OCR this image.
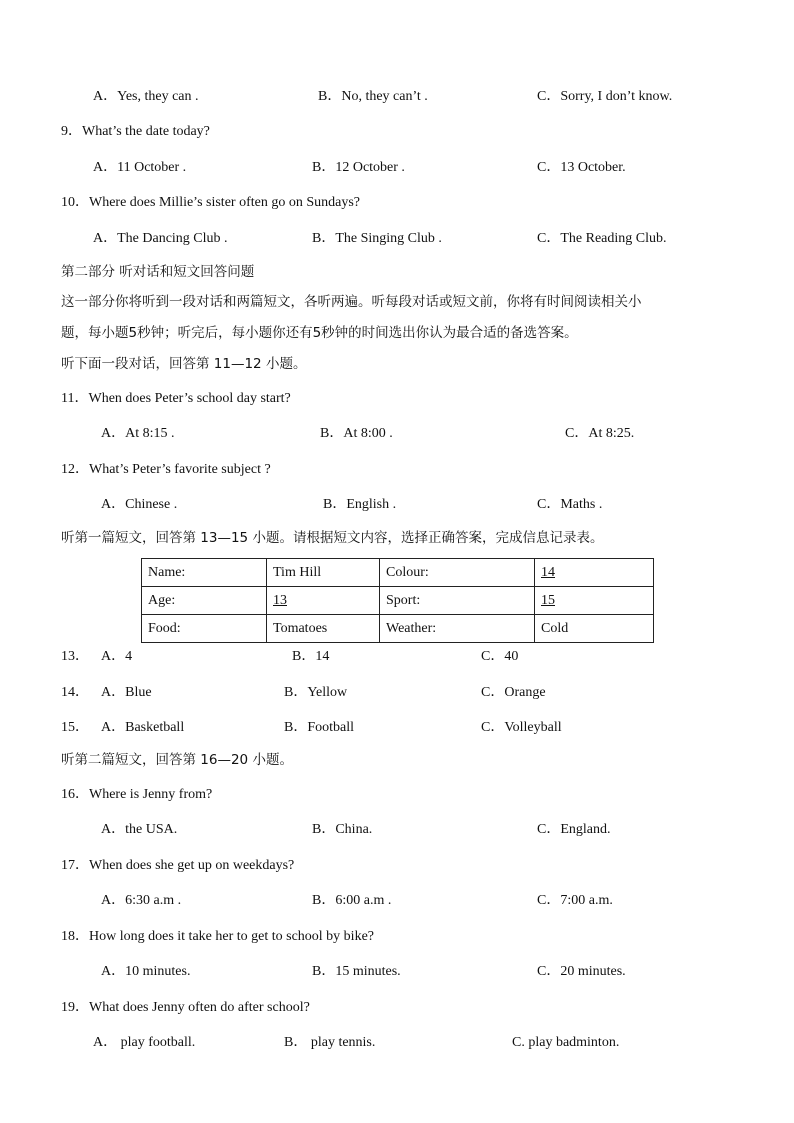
A．Yes, they can .	B．No, they can’t .	C．Sorry, I don’t know.
9．What’s the date today?
A．11 October .	B．12 October .	C．13 October.
10．Where does Millie’s sister often go on Sundays?
A．The Dancing Club .	B．The Singing Club .	C．The Reading Club.
第二部分 听对话和短文回答问题
这一部分你将听到一段对话和两篇短文，各听两遍。听每段对话或短文前，你将有时间阅读相关小
题，每小题5秒钟；听完后，每小题你还有5秒钟的时间选出你认为最合适的备选答案。
听下面一段对话，回答第 11—12 小题。
11．When does Peter’s school day start?
A．At 8:15 .	B．At 8:00 .	C．At 8:25.
12．What’s Peter’s favorite subject ?
A．Chinese .	B．English .	C．Maths .
听第一篇短文，回答第 13—15 小题。请根据短文内容，选择正确答案，完成信息记录表。
Name:	Tim Hill	Colour:	14
Age:	13	Sport:	15
Food:	Tomatoes	Weather:	Cold
13． A．4	B．14	C．40
14． A．Blue	B．Yellow	C．Orange
15． A．Basketball	B．Football	C．Volleyball
听第二篇短文，回答第 16—20 小题。
16．Where is Jenny from?
A．the USA.	B．China.	C．England.
17．When does she get up on weekdays?
A．6:30 a.m .	B．6:00 a.m .	C．7:00 a.m.
18．How long does it take her to get to school by bike?
A．10 minutes.	B．15 minutes.	C．20 minutes.
19．What does Jenny often do after school?
A． play football.	B． play tennis.	C. play badminton.
